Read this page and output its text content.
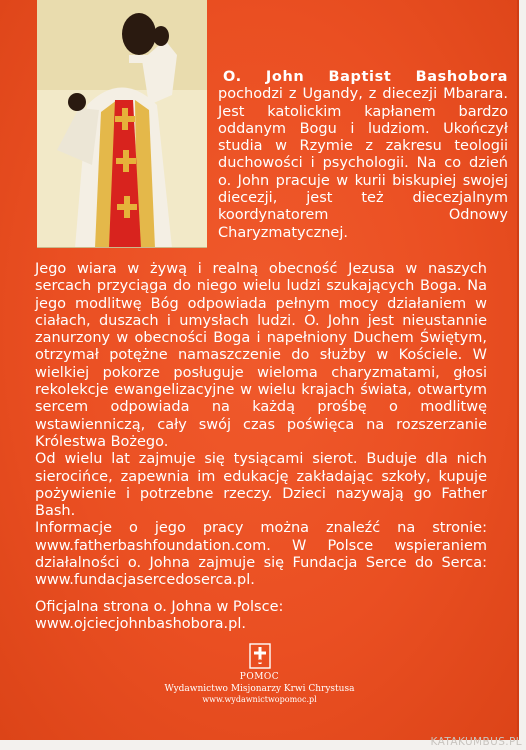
O. John Baptist Bashobora pochodzi z Ugandy, z diecezji Mbarara. Jest katolickim kapłanem bardzo oddanym Bogu i ludziom. Ukończył studia w Rzymie z zakresu teologii duchowości i psychologii. Na co dzień o. John pracuje w kurii biskupiej swojej diecezji, jest też diecezjalnym koordynatorem Odnowy Charyzmatycznej.

Jego wiara w żywą i realną obecność Jezusa w naszych sercach przyciąga do niego wielu ludzi szukających Boga. Na jego modlitwę Bóg odpowiada pełnym mocy działaniem w ciałach, duszach i umysłach ludzi. O. John jest nieustannie zanurzony w obecności Boga i napełniony Duchem Świętym, otrzymał potężne namaszczenie do służby w Kościele. W wielkiej pokorze posługuje wieloma charyzmatami, głosi rekolekcje ewangelizacyjne w wielu krajach świata, otwartym sercem odpowiada na każdą prośbę o modlitwę wstawienniczą, cały swój czas poświęca na rozszerzanie Królestwa Bożego.

Od wielu lat zajmuje się tysiącami sierot. Buduje dla nich sierocińce, zapewnia im edukację zakładając szkoły, kupuje pożywienie i potrzebne rzeczy. Dzieci nazywają go Father Bash.

Informacje o jego pracy można znaleźć na stronie: www.fatherbashfoundation.com. W Polsce wspieraniem działalności o. Johna zajmuje się Fundacja Serce do Serca: www.fundacjasercedoserca.pl.

Oficjalna strona o. Johna w Polsce: www.ojciecjohnbashobora.pl.

POMOC
Wydawnictwo Misjonarzy Krwi Chrystusa
www.wydawnictwopomoc.pl
KATAKUMBUS.PL
